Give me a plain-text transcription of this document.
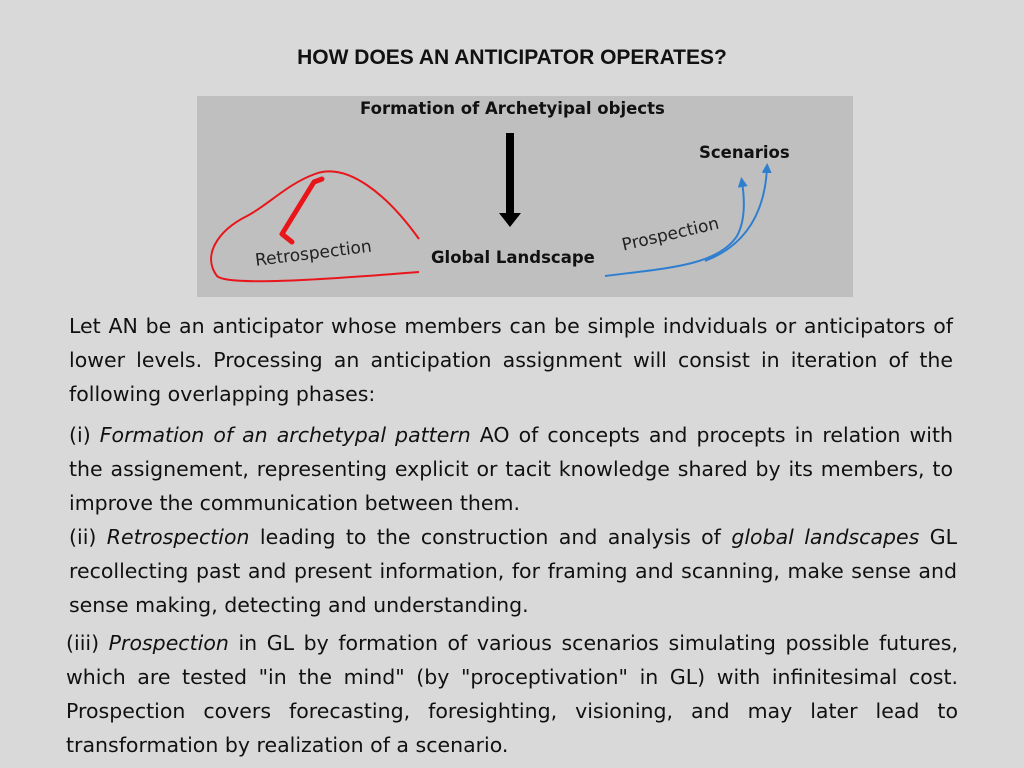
HOW DOES AN ANTICIPATOR OPERATES?
Formation of Archetyipal objects
Scenarios
Global Landscape
Retrospection	Prospection

Let AN be an anticipator whose members can be simple indviduals or anticipators of lower levels. Processing an anticipation assignment will consist in iteration of the following overlapping phases:

(i) Formation of an archetypal pattern AO of concepts and procepts in relation with the assignement, representing explicit or tacit knowledge shared by its members, to improve the communication between them.

(ii) Retrospection leading to the construction and analysis of global landscapes GL recollecting past and present information, for framing and scanning, make sense and sense making, detecting and understanding.

(iii) Prospection in GL by formation of various scenarios simulating possible futures, which are tested "in the mind" (by "proceptivation" in GL) with infinitesimal cost. Prospection covers forecasting, foresighting, visioning, and may later lead to transformation by realization of a scenario.
